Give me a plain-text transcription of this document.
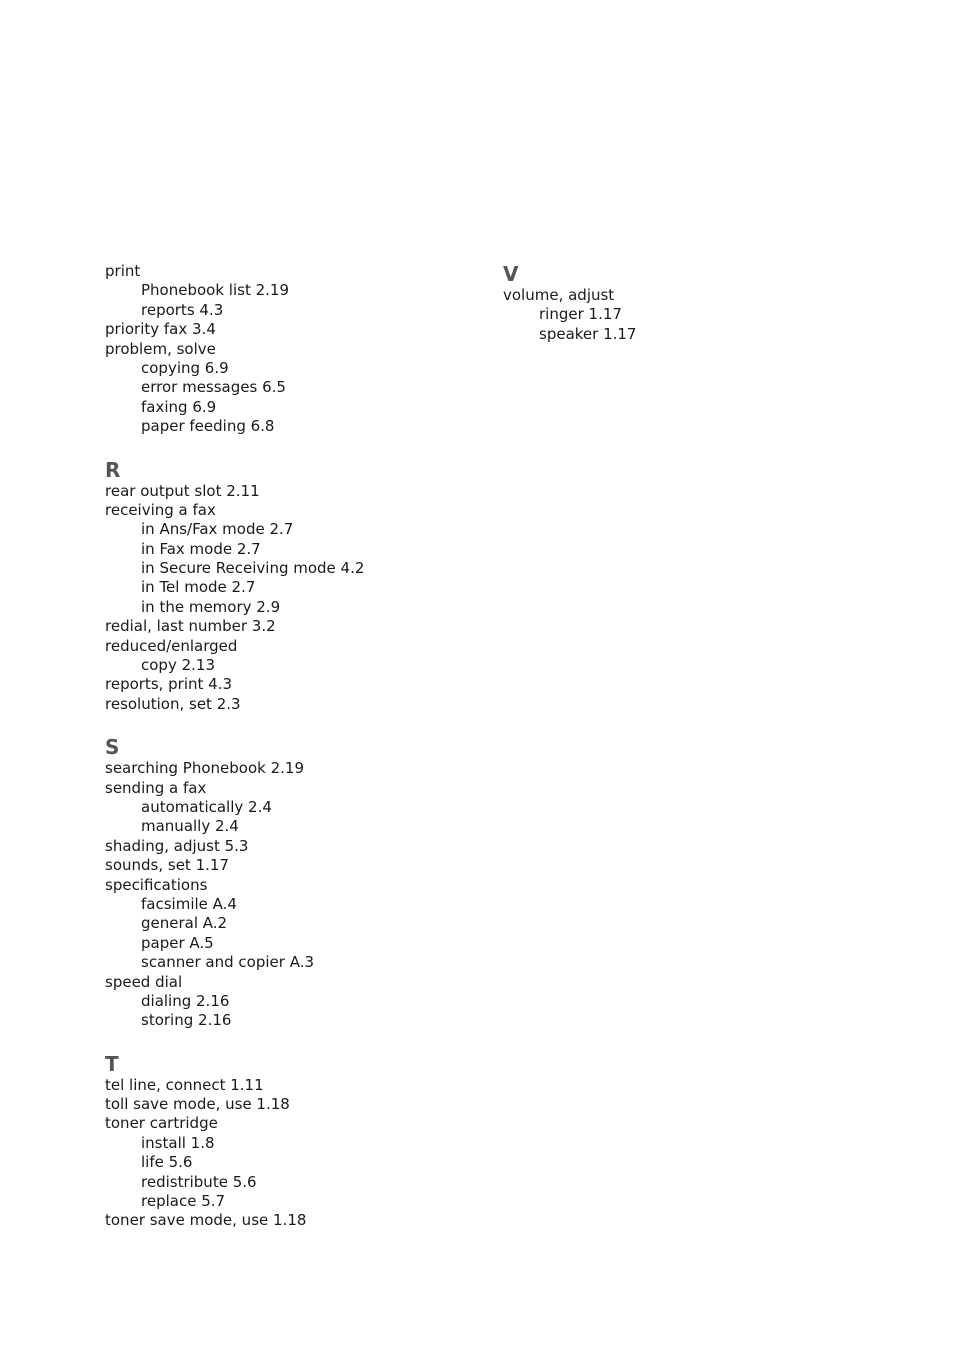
print
Phonebook list 2.19
reports 4.3
priority fax 3.4
problem, solve
copying 6.9
error messages 6.5
faxing 6.9
paper feeding 6.8
R
rear output slot 2.11
receiving a fax
in Ans/Fax mode 2.7
in Fax mode 2.7
in Secure Receiving mode 4.2
in Tel mode 2.7
in the memory 2.9
redial, last number 3.2
reduced/enlarged
copy 2.13
reports, print 4.3
resolution, set 2.3
S
searching Phonebook 2.19
sending a fax
automatically 2.4
manually 2.4
shading, adjust 5.3
sounds, set 1.17
specifications
facsimile A.4
general A.2
paper A.5
scanner and copier A.3
speed dial
dialing 2.16
storing 2.16
T
tel line, connect 1.11
toll save mode, use 1.18
toner cartridge
install 1.8
life 5.6
redistribute 5.6
replace 5.7
toner save mode, use 1.18
V
volume, adjust
ringer 1.17
speaker 1.17
